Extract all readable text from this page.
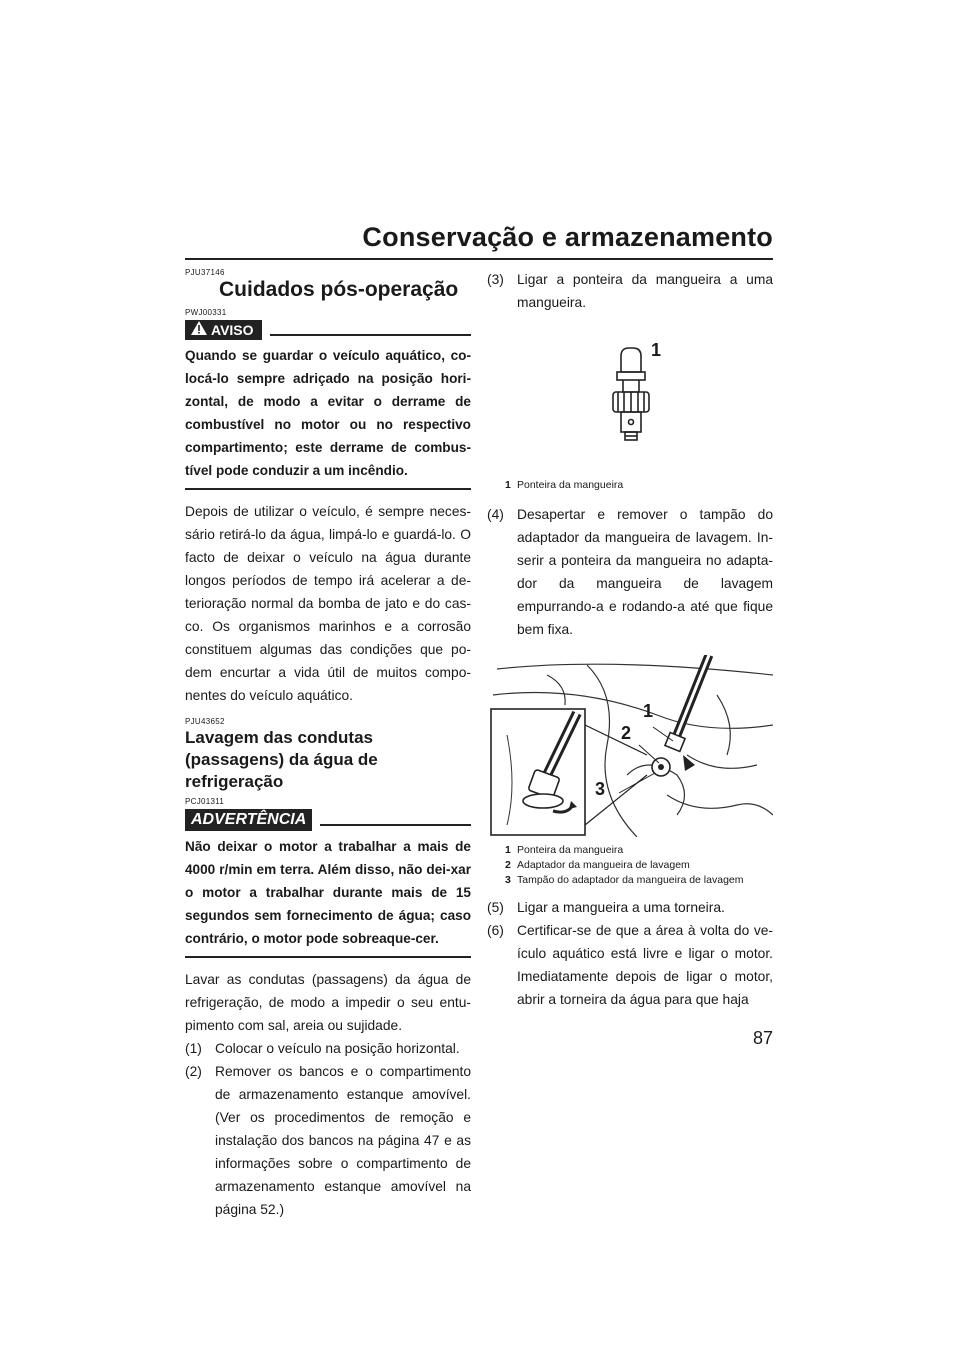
Conservação e armazenamento
PJU37146
Cuidados pós-operação
PWJ00331
AVISO

Quando se guardar o veículo aquático, co-locá-lo sempre adriçado na posição hori-zontal, de modo a evitar o derrame de combustível no motor ou no respectivo compartimento; este derrame de combus-tível pode conduzir a um incêndio.

Depois de utilizar o veículo, é sempre neces-sário retirá-lo da água, limpá-lo e guardá-lo. O facto de deixar o veículo na água durante longos períodos de tempo irá acelerar a de-terioração normal da bomba de jato e do cas-co. Os organismos marinhos e a corrosão constituem algumas das condições que po-dem encurtar a vida útil de muitos compo-nentes do veículo aquático.

PJU43652
Lavagem das condutas (passagens) da água de refrigeração
PCJ01311
ADVERTÊNCIA

Não deixar o motor a trabalhar a mais de 4000 r/min em terra. Além disso, não dei-xar o motor a trabalhar durante mais de 15 segundos sem fornecimento de água; caso contrário, o motor pode sobreaque-cer.

Lavar as condutas (passagens) da água de refrigeração, de modo a impedir o seu entu-pimento com sal, areia ou sujidade.

(1) Colocar o veículo na posição horizontal.
(2) Remover os bancos e o compartimento de armazenamento estanque amovível. (Ver os procedimentos de remoção e instalação dos bancos na página 47 e as informações sobre o compartimento de armazenamento estanque amovível na página 52.)
(3) Ligar a ponteira da mangueira a uma mangueira.
1
1 Ponteira da mangueira
(4) Desapertar e remover o tampão do adaptador da mangueira de lavagem. In-serir a ponteira da mangueira no adapta-dor da mangueira de lavagem empurrando-a e rodando-a até que fique bem fixa.
1
2
3
1 Ponteira da mangueira
2 Adaptador da mangueira de lavagem
3 Tampão do adaptador da mangueira de lavagem
(5) Ligar a mangueira a uma torneira.
(6) Certificar-se de que a área à volta do ve-ículo aquático está livre e ligar o motor. Imediatamente depois de ligar o motor, abrir a torneira da água para que haja
87
